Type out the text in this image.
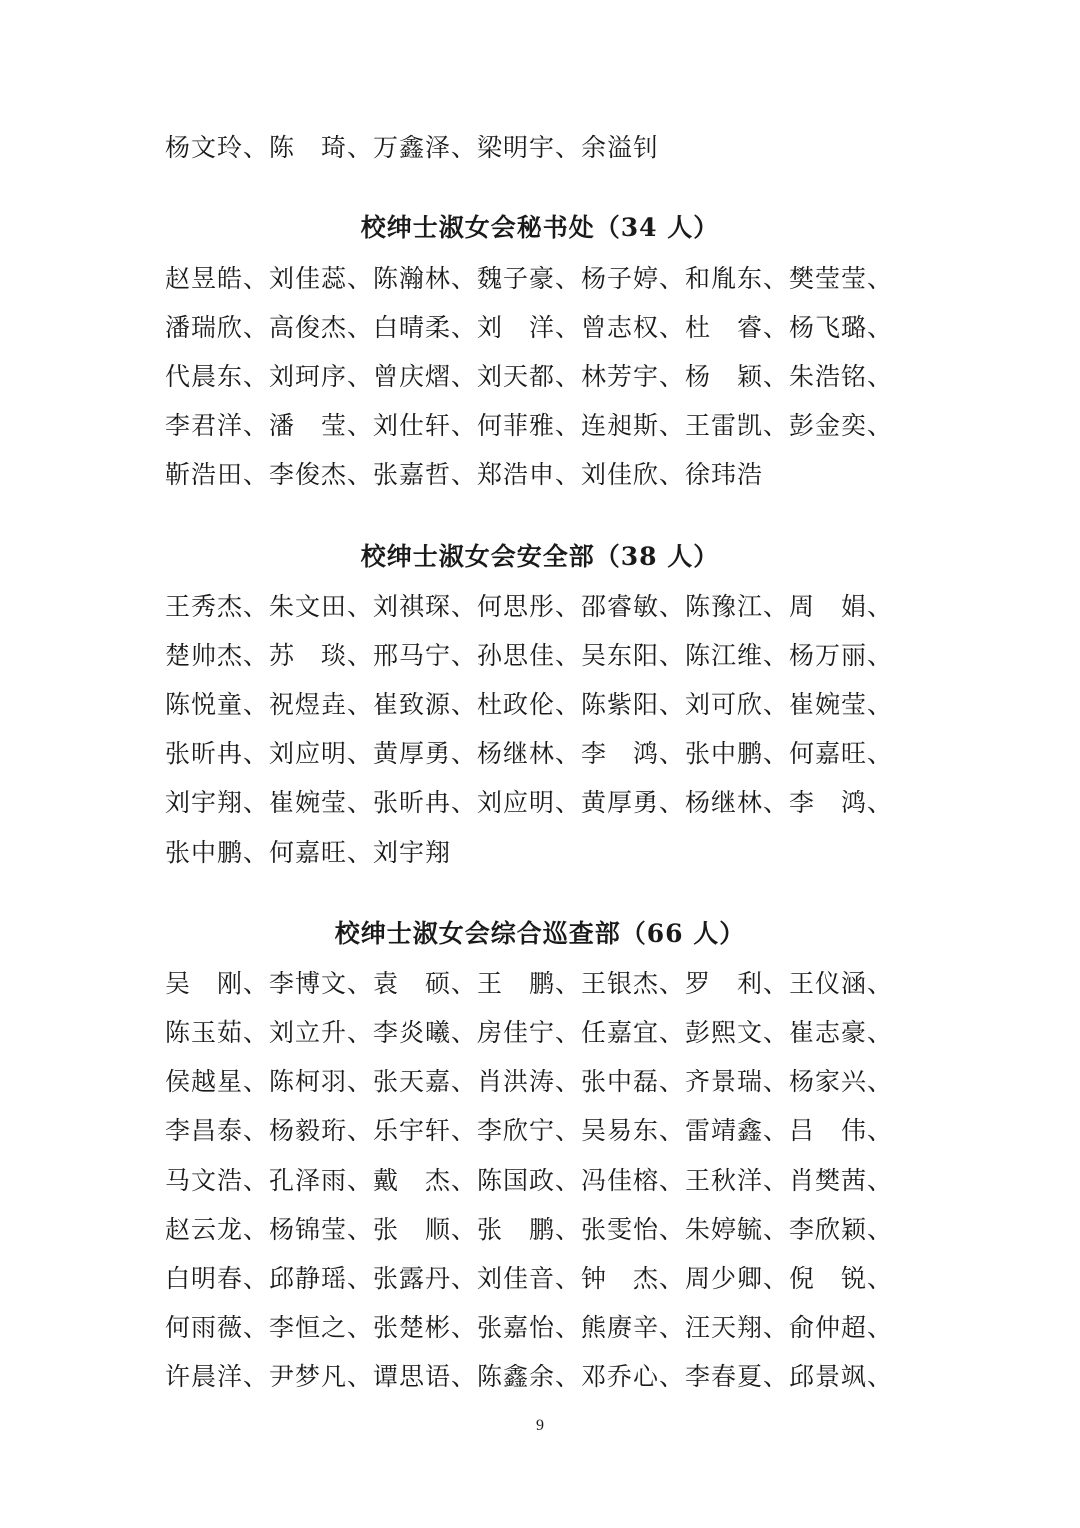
杨文玲、陈　琦、万鑫泽、梁明宇、余溢钊
校绅士淑女会秘书处（34 人）
赵昱皓、刘佳蕊、陈瀚林、魏子豪、杨子婷、和胤东、樊莹莹、
潘瑞欣、高俊杰、白晴柔、刘　洋、曾志权、杜　睿、杨飞璐、
代晨东、刘珂序、曾庆熠、刘天都、林芳宇、杨　颖、朱浩铭、
李君洋、潘　莹、刘仕轩、何菲雅、连昶斯、王雷凯、彭金奕、
靳浩田、李俊杰、张嘉哲、郑浩申、刘佳欣、徐玮浩
校绅士淑女会安全部（38 人）
王秀杰、朱文田、刘祺琛、何思彤、邵睿敏、陈豫江、周　娟、
楚帅杰、苏　琰、邢马宁、孙思佳、吴东阳、陈江维、杨万丽、
陈悦童、祝煜垚、崔致源、杜政伦、陈紫阳、刘可欣、崔婉莹、
张昕冉、刘应明、黄厚勇、杨继林、李　鸿、张中鹏、何嘉旺、
刘宇翔、崔婉莹、张昕冉、刘应明、黄厚勇、杨继林、李　鸿、
张中鹏、何嘉旺、刘宇翔
校绅士淑女会综合巡查部（66 人）
吴　刚、李博文、袁　硕、王　鹏、王银杰、罗　利、王仪涵、
陈玉茹、刘立升、李炎曦、房佳宁、任嘉宜、彭熙文、崔志豪、
侯越星、陈柯羽、张天嘉、肖洪涛、张中磊、齐景瑞、杨家兴、
李昌泰、杨毅珩、乐宇轩、李欣宁、吴易东、雷靖鑫、吕　伟、
马文浩、孔泽雨、戴　杰、陈国政、冯佳榕、王秋洋、肖樊茜、
赵云龙、杨锦莹、张　顺、张　鹏、张雯怡、朱婷毓、李欣颖、
白明春、邱静瑶、张露丹、刘佳音、钟　杰、周少卿、倪　锐、
何雨薇、李恒之、张楚彬、张嘉怡、熊赓辛、汪天翔、俞仲超、
许晨洋、尹梦凡、谭思语、陈鑫余、邓乔心、李春夏、邱景飒、
9
